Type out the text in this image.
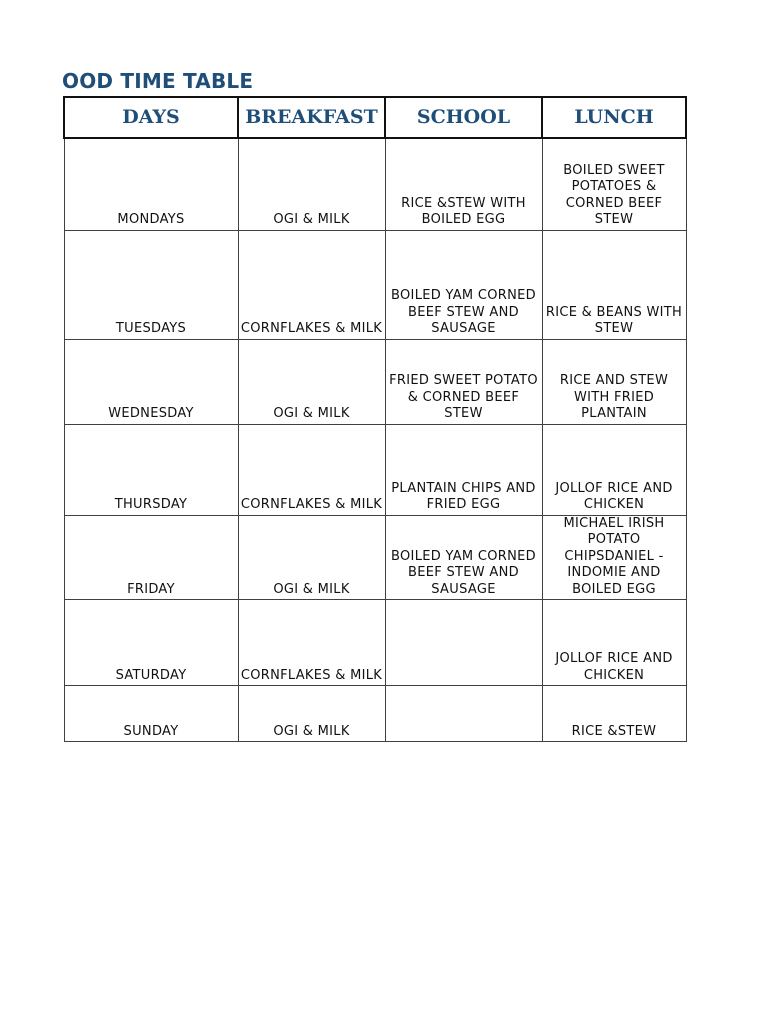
OOD TIME TABLE
DAYS	BREAKFAST	SCHOOL	LUNCH
MONDAYS	OGI & MILK	RICE &STEW WITH BOILED EGG	BOILED SWEET POTATOES & CORNED BEEF STEW
TUESDAYS	CORNFLAKES & MILK	BOILED YAM CORNED BEEF STEW AND SAUSAGE	RICE & BEANS WITH STEW
WEDNESDAY	OGI & MILK	FRIED SWEET POTATO & CORNED BEEF STEW	RICE AND STEW WITH FRIED PLANTAIN
THURSDAY	CORNFLAKES & MILK	PLANTAIN CHIPS AND FRIED EGG	JOLLOF RICE AND CHICKEN
FRIDAY	OGI & MILK	BOILED YAM CORNED BEEF STEW AND SAUSAGE	MICHAEL IRISH POTATO CHIPSDANIEL -INDOMIE AND BOILED EGG
SATURDAY	CORNFLAKES & MILK		JOLLOF RICE AND CHICKEN
SUNDAY	OGI & MILK		RICE &STEW
